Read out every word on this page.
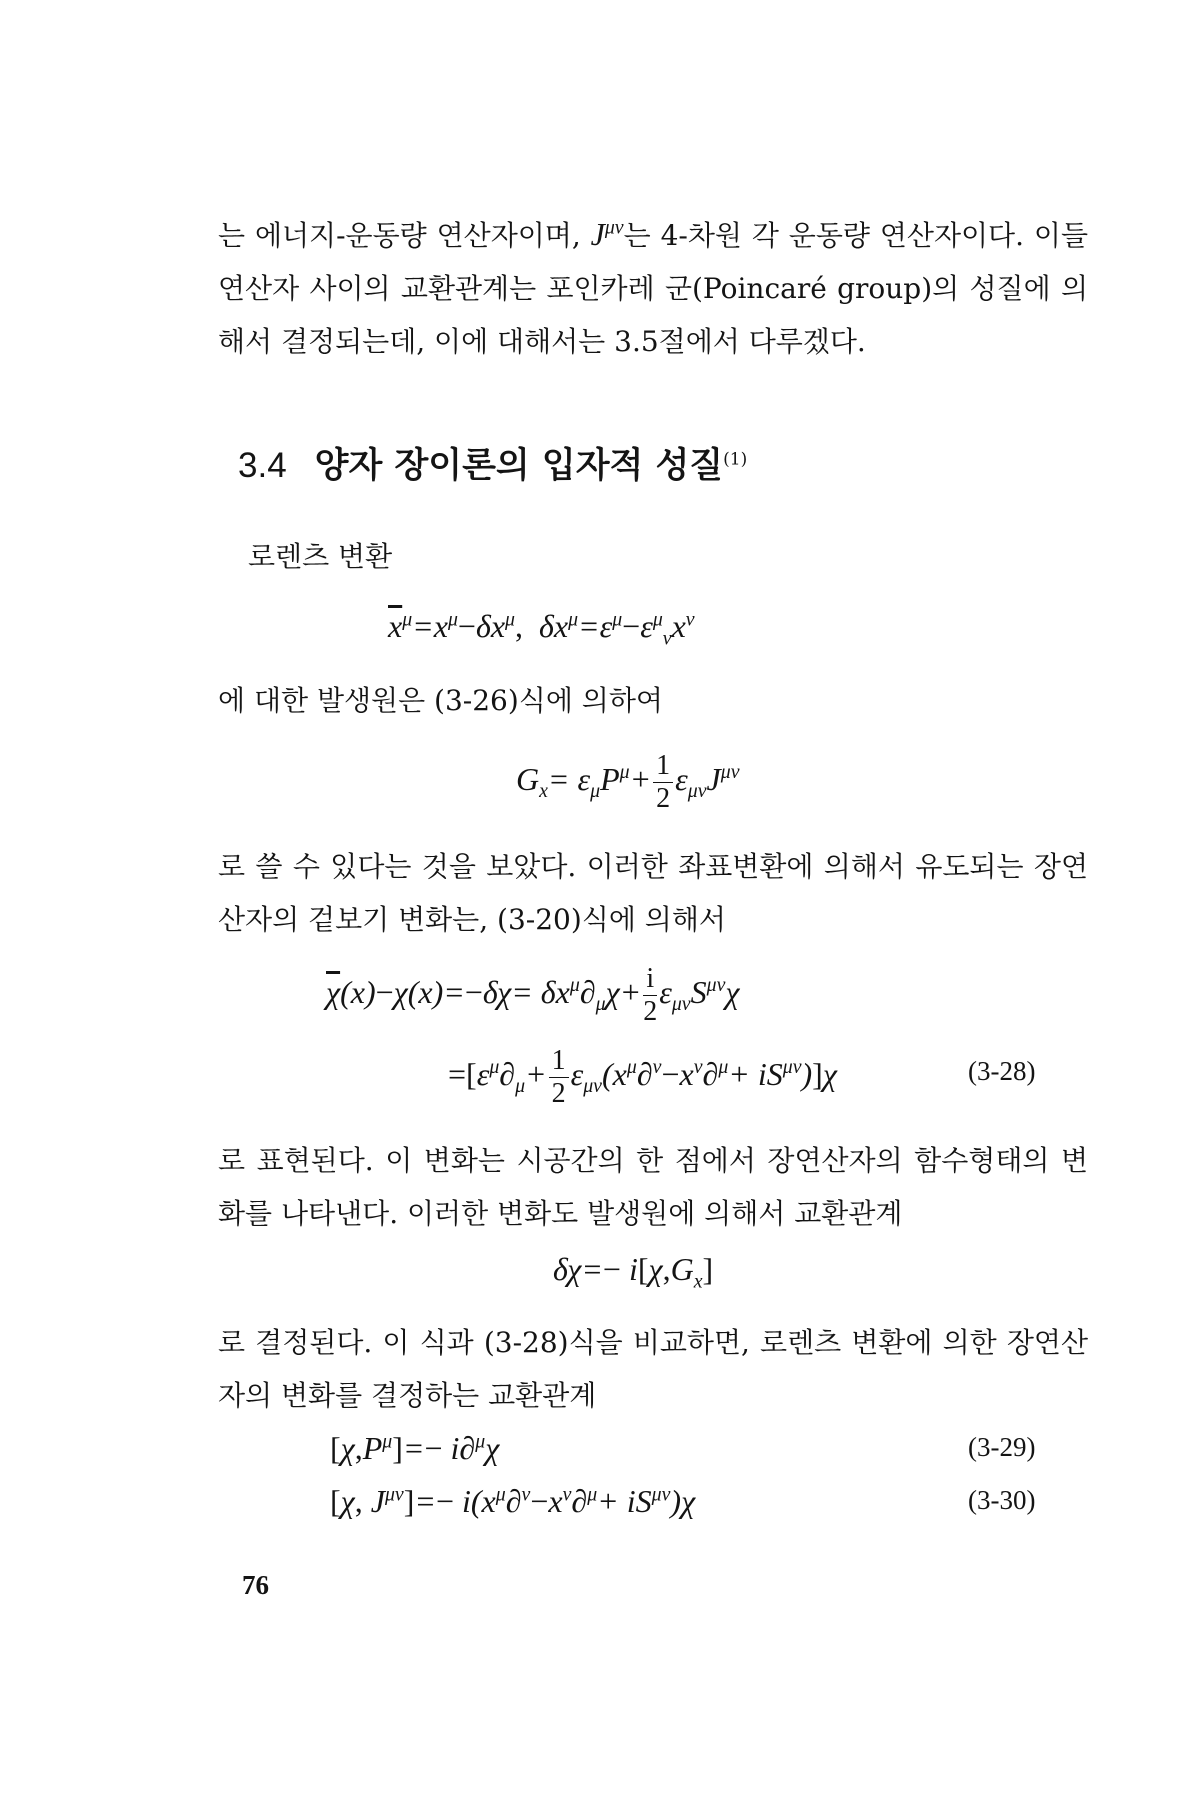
는 에너지-운동량 연산자이며, $J^{\mu\nu}$는 4-차원 각 운동량 연산자이다. 이들 연산자 사이의 교환관계는 포인카레 군(Poincaré group)의 성질에 의해서 결정되는데, 이에 대해서는 3.5절에서 다루겠다.

3.4 양자 장이론의 입자적 성질$^{(1)}$
로렌츠 변환
$\overline{x}^\mu=x^\mu-\delta x^\mu$,  $\delta x^\mu=\varepsilon^\mu-\varepsilon^\mu_\nu x^\nu$

에 대한 발생원은 (3-26)식에 의하여

$G_x= \varepsilon_\mu P^\mu+ \frac{1}{2} \varepsilon_{\mu\nu}J^{\mu\nu}$

로 쓸 수 있다는 것을 보았다. 이러한 좌표변환에 의해서 유도되는 장연산자의 겉보기 변화는, (3-20)식에 의해서

$\overline{\chi}(x)-\chi(x)=-\delta\chi= \delta x^\mu\partial_\mu\chi+ \frac{i}{2} \varepsilon_{\mu\nu}S^{\mu\nu}\chi$
$=[\varepsilon^\mu\partial_\mu+ \frac{1}{2} \varepsilon_{\mu\nu}(x^\mu\partial^\nu-x^\nu\partial^\mu+ iS^{\mu\nu})]\chi$	(3-28)

로 표현된다. 이 변화는 시공간의 한 점에서 장연산자의 함수형태의 변화를 나타낸다. 이러한 변화도 발생원에 의해서 교환관계

$\delta\chi=- i[\chi,G_x]$

로 결정된다. 이 식과 (3-28)식을 비교하면, 로렌츠 변환에 의한 장연산자의 변화를 결정하는 교환관계

$[\chi,P^\mu]=- i\partial^\mu\chi$	(3-29)
[χ, $J^{\mu\nu}]=- i(x^\mu\partial^\nu-x^\nu\partial^\mu+ iS^{\mu\nu})\chi$	(3-30)
76
